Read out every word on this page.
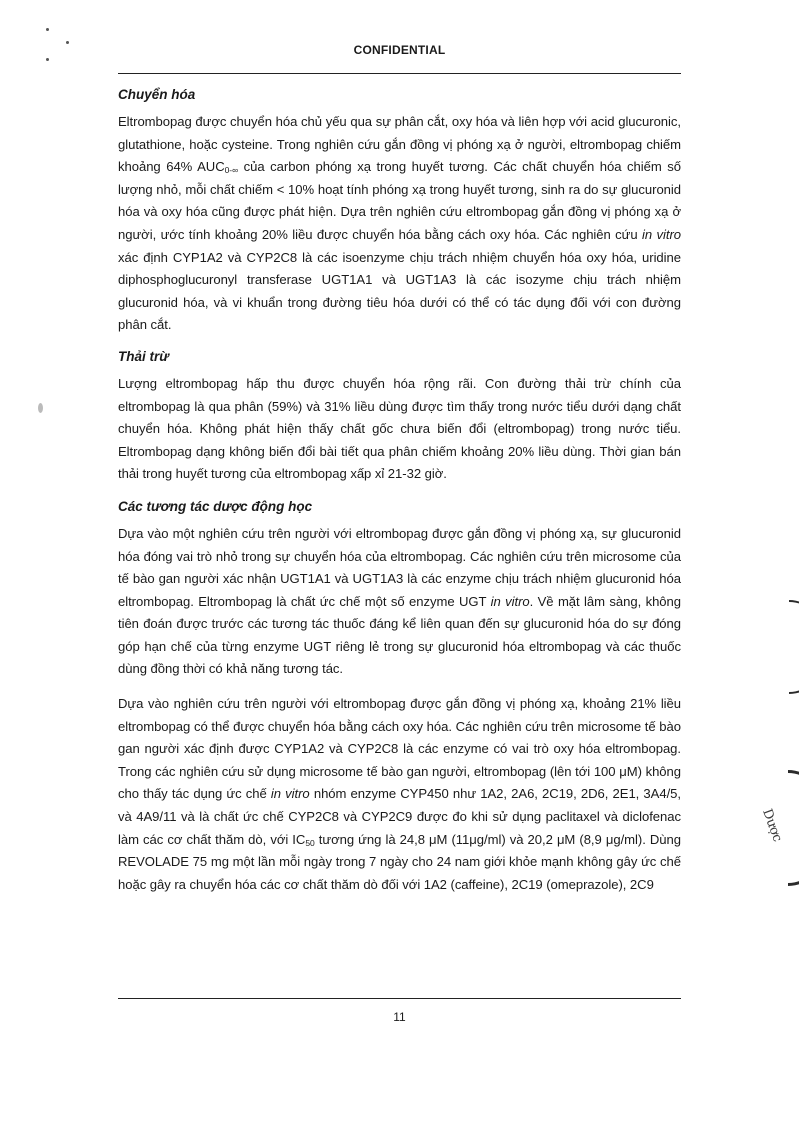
Dược
CONFIDENTIAL
Chuyển hóa

Eltrombopag được chuyển hóa chủ yếu qua sự phân cắt, oxy hóa và liên hợp với acid glucuronic, glutathione, hoặc cysteine. Trong nghiên cứu gắn đồng vị phóng xạ ở người, eltrombopag chiếm khoảng 64% $AUC_{0-\infty}$ của carbon phóng xạ trong huyết tương. Các chất chuyển hóa chiếm số lượng nhỏ, mỗi chất chiếm < 10% hoạt tính phóng xạ trong huyết tương, sinh ra do sự glucuronid hóa và oxy hóa cũng được phát hiện. Dựa trên nghiên cứu eltrombopag gắn đồng vị phóng xạ ở người, ước tính khoảng 20% liều được chuyển hóa bằng cách oxy hóa. Các nghiên cứu in vitro xác định CYP1A2 và CYP2C8 là các isoenzyme chịu trách nhiệm chuyển hóa oxy hóa, uridine diphosphoglucuronyl transferase UGT1A1 và UGT1A3 là các isozyme chịu trách nhiệm glucuronid hóa, và vi khuẩn trong đường tiêu hóa dưới có thể có tác dụng đối với con đường phân cắt.

Thải trừ

Lượng eltrombopag hấp thu được chuyển hóa rộng rãi. Con đường thải trừ chính của eltrombopag là qua phân (59%) và 31% liều dùng được tìm thấy trong nước tiểu dưới dạng chất chuyển hóa. Không phát hiện thấy chất gốc chưa biến đổi (eltrombopag) trong nước tiểu. Eltrombopag dạng không biến đổi bài tiết qua phân chiếm khoảng 20% liều dùng. Thời gian bán thải trong huyết tương của eltrombopag xấp xỉ 21-32 giờ.

Các tương tác dược động học

Dựa vào một nghiên cứu trên người với eltrombopag được gắn đồng vị phóng xạ, sự glucuronid hóa đóng vai trò nhỏ trong sự chuyển hóa của eltrombopag. Các nghiên cứu trên microsome của tế bào gan người xác nhận UGT1A1 và UGT1A3 là các enzyme chịu trách nhiệm glucuronid hóa eltrombopag. Eltrombopag là chất ức chế một số enzyme UGT in vitro. Về mặt lâm sàng, không tiên đoán được trước các tương tác thuốc đáng kể liên quan đến sự glucuronid hóa do sự đóng góp hạn chế của từng enzyme UGT riêng lẻ trong sự glucuronid hóa eltrombopag và các thuốc dùng đồng thời có khả năng tương tác.

Dựa vào nghiên cứu trên người với eltrombopag được gắn đồng vị phóng xạ, khoảng 21% liều eltrombopag có thể được chuyển hóa bằng cách oxy hóa. Các nghiên cứu trên microsome tế bào gan người xác định được CYP1A2 và CYP2C8 là các enzyme có vai trò oxy hóa eltrombopag. Trong các nghiên cứu sử dụng microsome tế bào gan người, eltrombopag (lên tới 100 μM) không cho thấy tác dụng ức chế in vitro nhóm enzyme CYP450 như 1A2, 2A6, 2C19, 2D6, 2E1, 3A4/5, và 4A9/11 và là chất ức chế CYP2C8 và CYP2C9 được đo khi sử dụng paclitaxel và diclofenac làm các cơ chất thăm dò, với $IC_{50}$ tương ứng là 24,8 μM (11μg/ml) và 20,2 μM (8,9 μg/ml). Dùng REVOLADE 75 mg một lần mỗi ngày trong 7 ngày cho 24 nam giới khỏe mạnh không gây ức chế hoặc gây ra chuyển hóa các cơ chất thăm dò đối với 1A2 (caffeine), 2C19 (omeprazole), 2C9

11
